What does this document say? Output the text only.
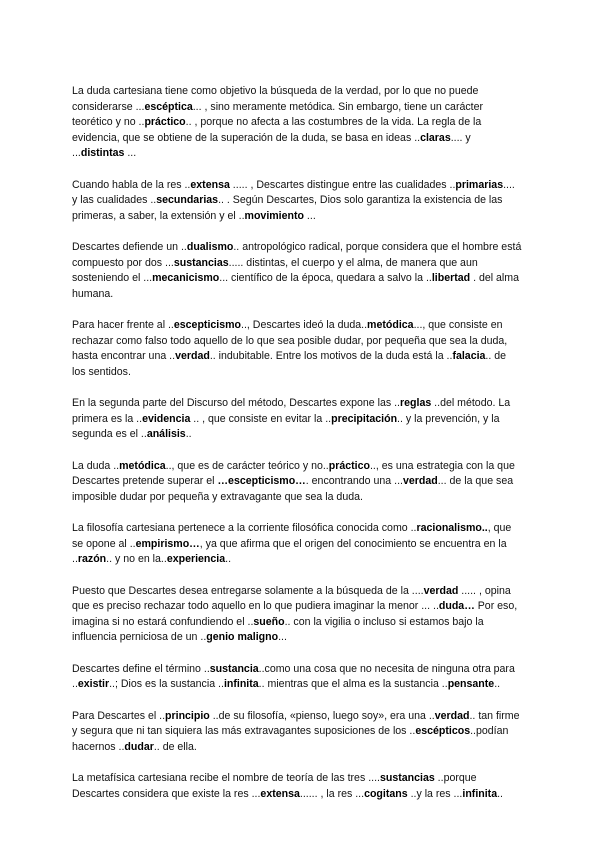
La duda cartesiana tiene como objetivo la búsqueda de la verdad, por lo que no puede considerarse ...escéptica... , sino meramente metódica. Sin embargo, tiene un carácter teorético y no ..práctico.. , porque no afecta a las costumbres de la vida. La regla de la evidencia, que se obtiene de la superación de la duda, se basa en ideas ..claras.... y ...distintas ...

Cuando habla de la res ..extensa ..... , Descartes distingue entre las cualidades ..primarias.... y las cualidades ..secundarias.. . Según Descartes, Dios solo garantiza la existencia de las primeras, a saber, la extensión y el ..movimiento ...

Descartes defiende un ..dualismo.. antropológico radical, porque considera que el hombre está compuesto por dos ...sustancias..... distintas, el cuerpo y el alma, de manera que aun sosteniendo el ...mecanicismo... científico de la época, quedara a salvo la ..libertad . del alma humana.

Para hacer frente al ..escepticismo.., Descartes ideó la duda..metódica..., que consiste en rechazar como falso todo aquello de lo que sea posible dudar, por pequeña que sea la duda, hasta encontrar una ..verdad.. indubitable. Entre los motivos de la duda está la ..falacia.. de los sentidos.

En la segunda parte del Discurso del método, Descartes expone las ..reglas ..del método. La primera es la ..evidencia .. , que consiste en evitar la ..precipitación.. y la prevención, y la segunda es el ..análisis..

La duda ..metódica.., que es de carácter teórico y no..práctico.., es una estrategia con la que Descartes pretende superar el …escepticismo…. encontrando una ...verdad... de la que sea imposible dudar por pequeña y extravagante que sea la duda.

La filosofía cartesiana pertenece a la corriente filosófica conocida como ..racionalismo.., que se opone al ..empirismo…, ya que afirma que el origen del conocimiento se encuentra en la ..razón.. y no en la..experiencia..

Puesto que Descartes desea entregarse solamente a la búsqueda de la ....verdad ..... , opina que es preciso rechazar todo aquello en lo que pudiera imaginar la menor ... ..duda… Por eso, imagina si no estará confundiendo el ..sueño.. con la vigilia o incluso si estamos bajo la influencia perniciosa de un ..genio maligno...

Descartes define el término ..sustancia..como una cosa que no necesita de ninguna otra para ..existir..; Dios es la sustancia ..infinita.. mientras que el alma es la sustancia ..pensante..

Para Descartes el ..principio ..de su filosofía, «pienso, luego soy», era una ..verdad.. tan firme y segura que ni tan siquiera las más extravagantes suposiciones de los ..escépticos..podían hacernos ..dudar.. de ella.

La metafísica cartesiana recibe el nombre de teoría de las tres ....sustancias ..porque Descartes considera que existe la res ...extensa...... , la res ...cogitans ..y la res ...infinita..
